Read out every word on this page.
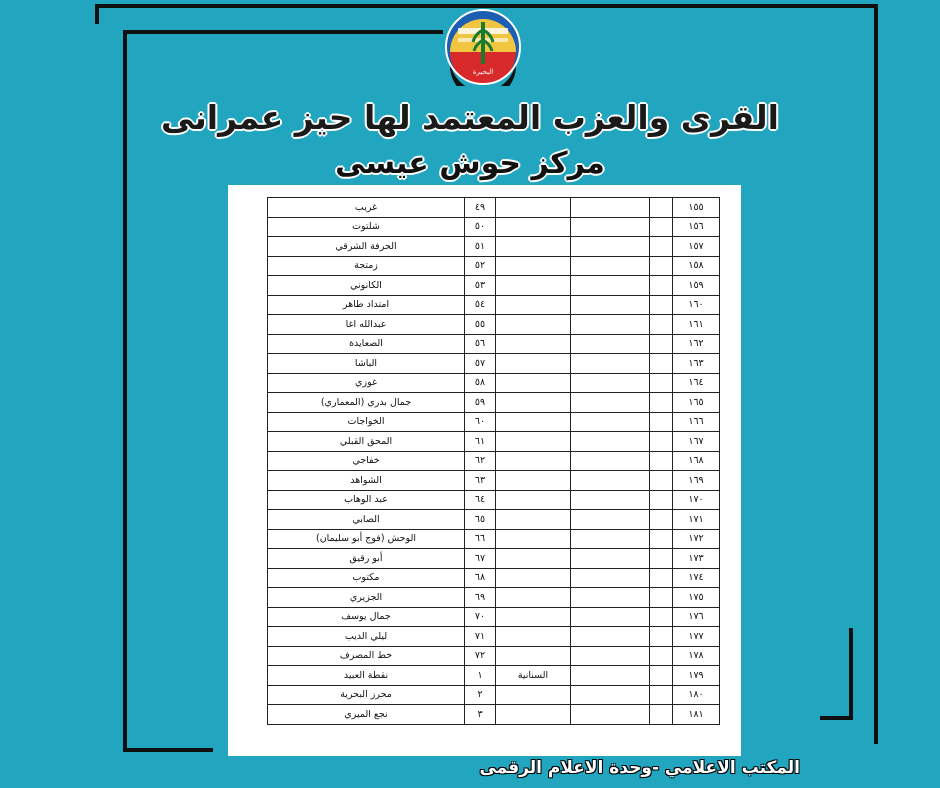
البحيرة
القرى والعزب المعتمد لها حيز عمرانى
مركز حوش عيسى
١٥٥				٤٩	غريب
١٥٦				٥٠	شلتوت
١٥٧				٥١	الحرفة الشرقي
١٥٨				٥٢	زمتجة
١٥٩				٥٣	الكانوني
١٦٠				٥٤	امتداد طاهر
١٦١				٥٥	عبدالله اغا
١٦٢				٥٦	الصعايدة
١٦٣				٥٧	الباشا
١٦٤				٥٨	غوزي
١٦٥				٥٩	جمال بدري (المعماري)
١٦٦				٦٠	الخواجات
١٦٧				٦١	المحق القبلي
١٦٨				٦٢	خفاجي
١٦٩				٦٣	الشواهد
١٧٠				٦٤	عبد الوهاب
١٧١				٦٥	الصابي
١٧٢				٦٦	الوحش (فوج أبو سليمان)
١٧٣				٦٧	أبو رقيق
١٧٤				٦٨	مكتوب
١٧٥				٦٩	الجزيري
١٧٦				٧٠	جمال يوسف
١٧٧				٧١	ليلي الديب
١٧٨				٧٢	خط المصرف
١٧٩			السنانية	١	نقطة العبيد
١٨٠				٢	محرز البحرية
١٨١				٣	نجع الميري
المكتب الاعلامي -وحدة الاعلام الرقمى
